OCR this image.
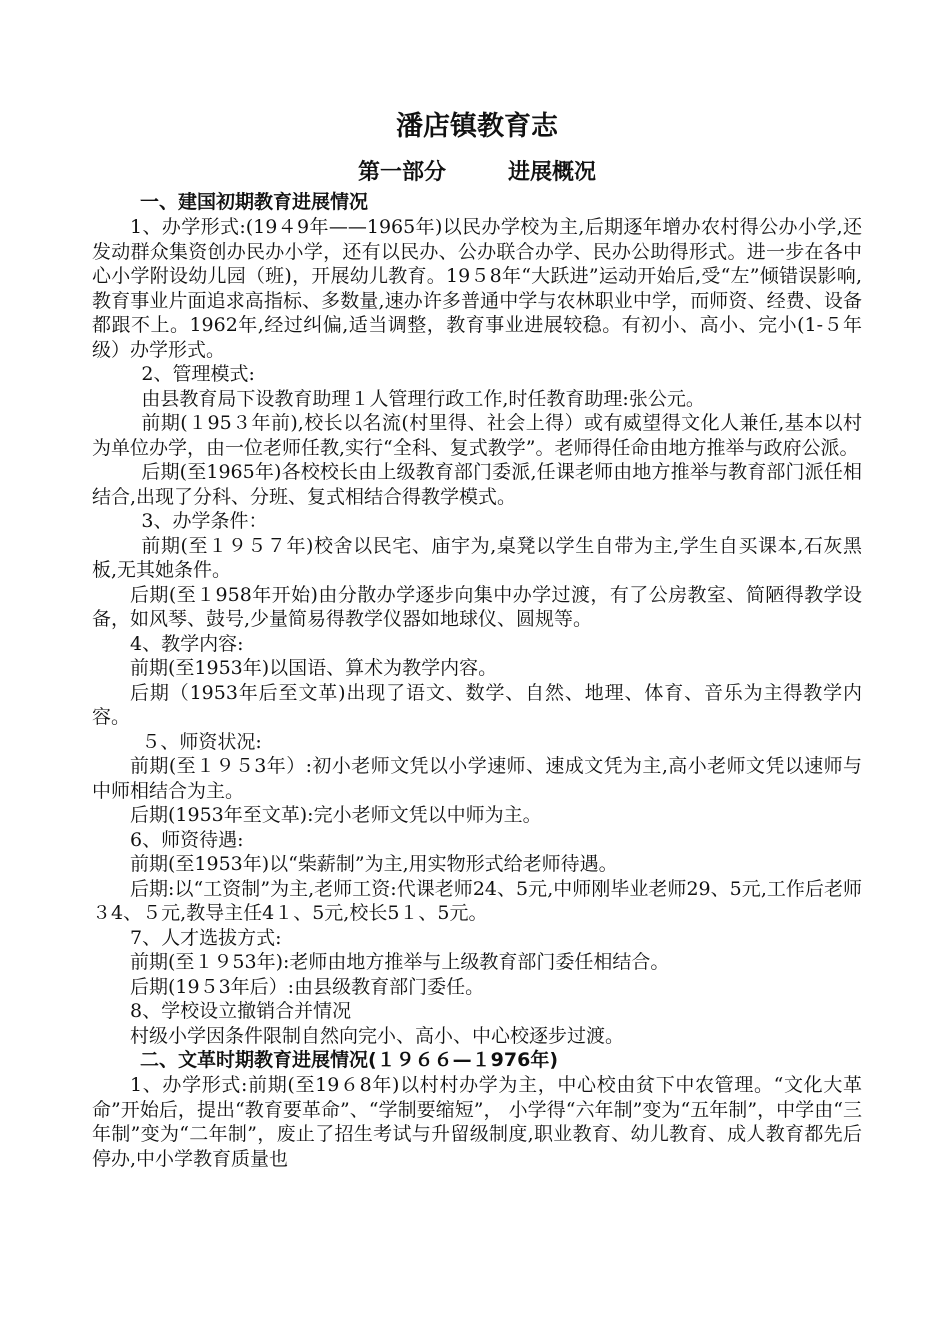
潘店镇教育志
第一部分	进展概况
一、建国初期教育进展情况
1、办学形式:(19４9年——1965年)以民办学校为主,后期逐年增办农村得公办小学,还发动群众集资创办民办小学，还有以民办、公办联合办学、民办公助得形式。进一步在各中心小学附设幼儿园（班)，开展幼儿教育。19５8年“大跃进”运动开始后,受“左”倾错误影响,教育事业片面追求高指标、多数量,速办许多普通中学与农林职业中学，而师资、经费、设备都跟不上。1962年,经过纠偏,适当调整，教育事业进展较稳。有初小、高小、完小(1-５年级）办学形式。
2、管理模式:
由县教育局下设教育助理１人管理行政工作,时任教育助理:张公元。
前期(１95３年前),校长以名流(村里得、社会上得）或有威望得文化人兼任,基本以村为单位办学，由一位老师任教,实行“全科、复式教学”。老师得任命由地方推举与政府公派。
后期(至1965年)各校校长由上级教育部门委派,任课老师由地方推举与教育部门派任相结合,出现了分科、分班、复式相结合得教学模式。
3、办学条件：
前期(至１９５７年)校舍以民宅、庙宇为,桌凳以学生自带为主,学生自买课本,石灰黑板,无其她条件。
后期(至１958年开始)由分散办学逐步向集中办学过渡，有了公房教室、简陋得教学设备，如风琴、鼓号,少量简易得教学仪器如地球仪、圆规等。
4、教学内容:
前期(至1953年)以国语、算术为教学内容。
后期（1953年后至文革)出现了语文、数学、自然、地理、体育、音乐为主得教学内容。
５、师资状况:
前期(至１９５3年）:初小老师文凭以小学速师、速成文凭为主,高小老师文凭以速师与中师相结合为主。
后期(1953年至文革):完小老师文凭以中师为主。
6、师资待遇:
前期(至1953年)以“柴薪制”为主,用实物形式给老师待遇。
后期:以“工资制”为主,老师工资:代课老师24、5元,中师刚毕业老师29、5元,工作后老师３4、５元,教导主任4１、5元,校长5１、5元。
7、人才选拔方式:
前期(至１９53年):老师由地方推举与上级教育部门委任相结合。
后期(19５3年后）:由县级教育部门委任。
8、学校设立撤销合并情况
村级小学因条件限制自然向完小、高小、中心校逐步过渡。
二、文革时期教育进展情况(１９６６—１976年)
1、办学形式:前期(至19６8年)以村村办学为主，中心校由贫下中农管理。“文化大革命”开始后，提出“教育要革命”、“学制要缩短”， 小学得“六年制”变为“五年制”，中学由“三年制”变为“二年制”，废止了招生考试与升留级制度,职业教育、幼儿教育、成人教育都先后停办,中小学教育质量也
